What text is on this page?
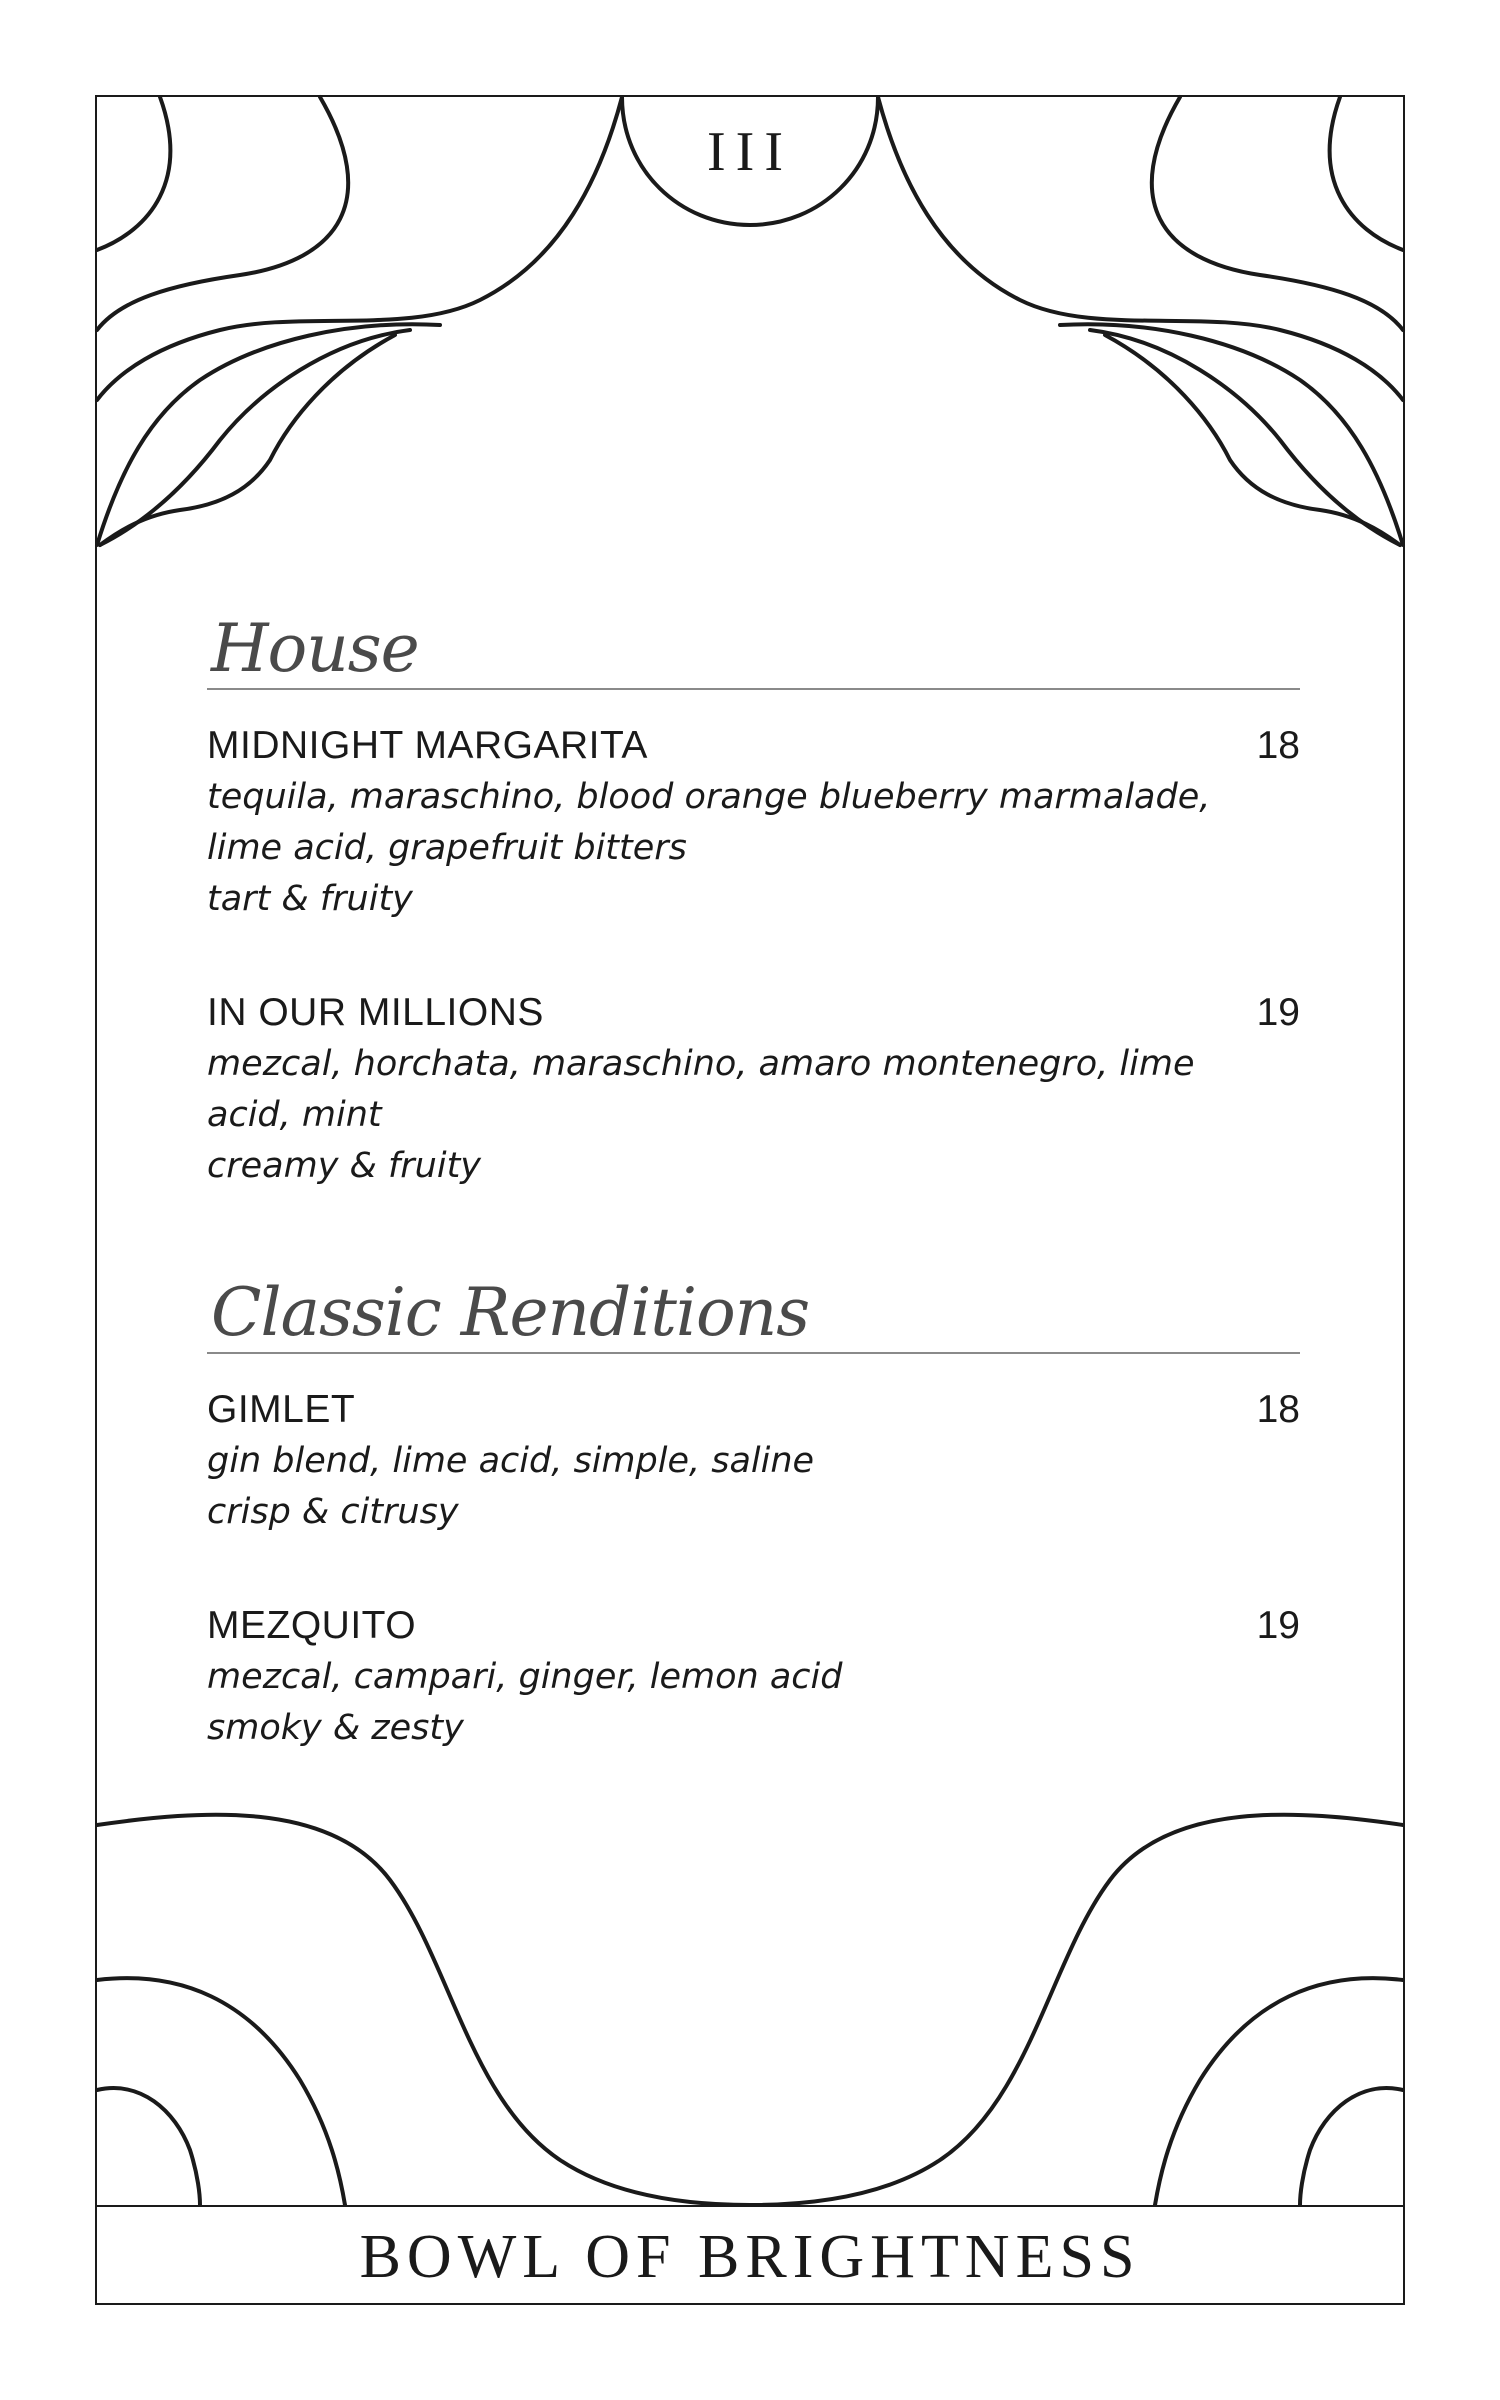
III
House
MIDNIGHT MARGARITA	18
tequila, maraschino, blood orange blueberry marmalade, lime acid, grapefruit bitters
tart & fruity
IN OUR MILLIONS	19
mezcal, horchata, maraschino, amaro montenegro, lime acid, mint
creamy & fruity
Classic Renditions
GIMLET	18
gin blend, lime acid, simple, saline
crisp & citrusy
MEZQUITO	19
mezcal, campari, ginger, lemon acid
smoky & zesty
BOWL OF BRIGHTNESS
